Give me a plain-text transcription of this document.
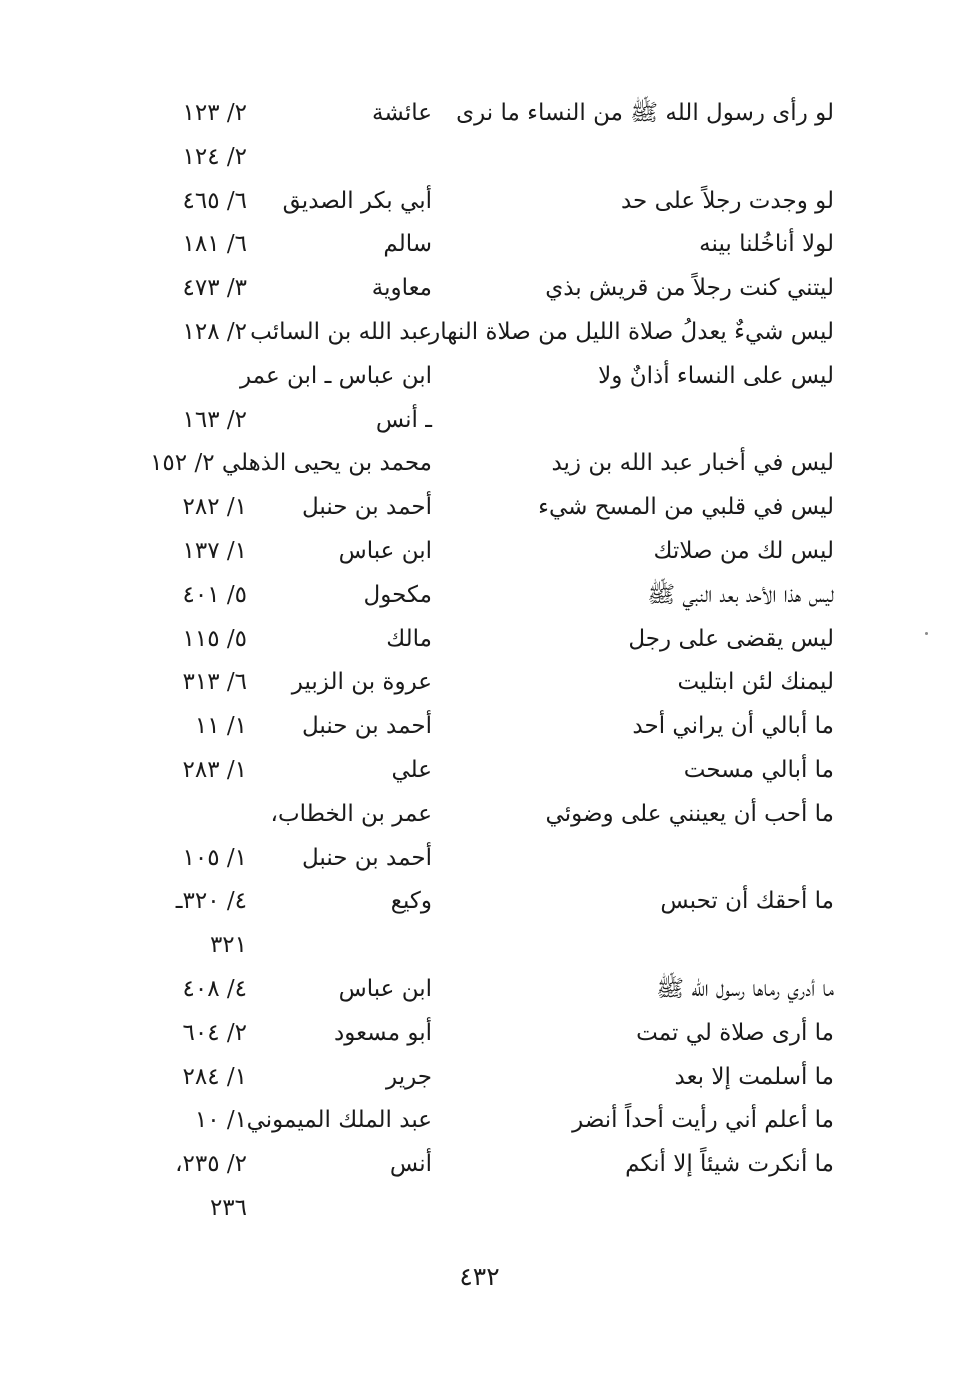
لو رأى رسول الله ﷺ من النساء ما نرى
عائشة
٢/ ١٢٣
٢/ ١٢٤
لو وجدت رجلاً على حد
أبي بكر الصديق
٦/ ٤٦٥
لولا أناخُلنا بينه
سالم
٦/ ١٨١
ليتني كنت رجلاً من قريش بذي
معاوية
٣/ ٤٧٣
ليس شيءٌ يعدلُ صلاة الليل من صلاة النهار
عبد الله بن السائب
٢/ ١٢٨
ليس على النساء أذانٌ ولا
ابن عباس ـ ابن عمر
ـ أنس
٢/ ١٦٣
ليس في أخبار عبد الله بن زيد
محمد بن يحيى الذهلي ٢/ ١٥٢
ليس في قلبي من المسح شيء
أحمد بن حنبل
١/ ٢٨٢
ليس لك من صلاتك
ابن عباس
١/ ١٣٧
ليس هذا الأحد بعد النبي ﷺ
مكحول
٥/ ٤٠١
ليس يقضى على رجل
مالك
٥/ ١١٥
ليمنك لئن ابتليت
عروة بن الزبير
٦/ ٣١٣
ما أبالي أن يراني أحد
أحمد بن حنبل
١/ ١١
ما أبالي مسحت
علي
١/ ٢٨٣
ما أحب أن يعينني على وضوئي
عمر بن الخطاب،
أحمد بن حنبل
١/ ١٠٥
ما أحقك أن تحبس
وكيع
٤/ ٣٢٠ـ
٣٢١
ما أدري رماها رسول الله ﷺ
ابن عباس
٤/ ٤٠٨
ما أرى صلاة لي تمت
أبو مسعود
٢/ ٦٠٤
ما أسلمت إلا بعد
جرير
١/ ٢٨٤
ما أعلم أني رأيت أحداً أنضر
عبد الملك الميموني
١/ ١٠
ما أنكرت شيئاً إلا أنكم
أنس
٢/ ٢٣٥،
٢٣٦
٤٣٢
